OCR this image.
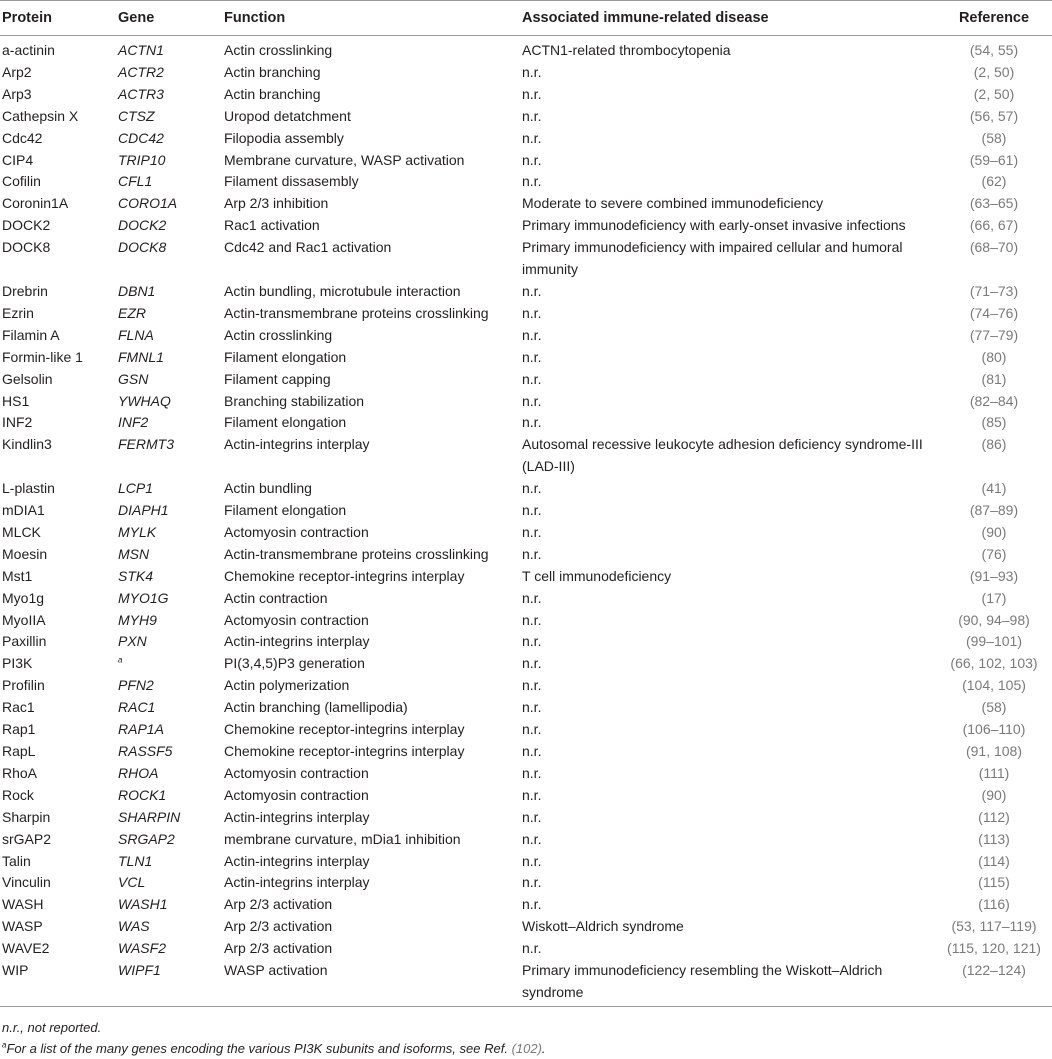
Protein	Gene	Function	Associated immune-related disease	Reference
a-actinin	ACTN1	Actin crosslinking	ACTN1-related thrombocytopenia	(54, 55)
Arp2	ACTR2	Actin branching	n.r.	(2, 50)
Arp3	ACTR3	Actin branching	n.r.	(2, 50)
Cathepsin X	CTSZ	Uropod detatchment	n.r.	(56, 57)
Cdc42	CDC42	Filopodia assembly	n.r.	(58)
CIP4	TRIP10	Membrane curvature, WASP activation	n.r.	(59–61)
Cofilin	CFL1	Filament dissasembly	n.r.	(62)
Coronin1A	CORO1A	Arp 2/3 inhibition	Moderate to severe combined immunodeficiency	(63–65)
DOCK2	DOCK2	Rac1 activation	Primary immunodeficiency with early-onset invasive infections	(66, 67)
DOCK8	DOCK8	Cdc42 and Rac1 activation	Primary immunodeficiency with impaired cellular and humoral immunity	(68–70)
Drebrin	DBN1	Actin bundling, microtubule interaction	n.r.	(71–73)
Ezrin	EZR	Actin-transmembrane proteins crosslinking	n.r.	(74–76)
Filamin A	FLNA	Actin crosslinking	n.r.	(77–79)
Formin-like 1	FMNL1	Filament elongation	n.r.	(80)
Gelsolin	GSN	Filament capping	n.r.	(81)
HS1	YWHAQ	Branching stabilization	n.r.	(82–84)
INF2	INF2	Filament elongation	n.r.	(85)
Kindlin3	FERMT3	Actin-integrins interplay	Autosomal recessive leukocyte adhesion deficiency syndrome-III (LAD-III)	(86)
L-plastin	LCP1	Actin bundling	n.r.	(41)
mDIA1	DIAPH1	Filament elongation	n.r.	(87–89)
MLCK	MYLK	Actomyosin contraction	n.r.	(90)
Moesin	MSN	Actin-transmembrane proteins crosslinking	n.r.	(76)
Mst1	STK4	Chemokine receptor-integrins interplay	T cell immunodeficiency	(91–93)
Myo1g	MYO1G	Actin contraction	n.r.	(17)
MyoIIA	MYH9	Actomyosin contraction	n.r.	(90, 94–98)
Paxillin	PXN	Actin-integrins interplay	n.r.	(99–101)
PI3K	$^a$	PI(3,4,5)P3 generation	n.r.	(66, 102, 103)
Profilin	PFN2	Actin polymerization	n.r.	(104, 105)
Rac1	RAC1	Actin branching (lamellipodia)	n.r.	(58)
Rap1	RAP1A	Chemokine receptor-integrins interplay	n.r.	(106–110)
RapL	RASSF5	Chemokine receptor-integrins interplay	n.r.	(91, 108)
RhoA	RHOA	Actomyosin contraction	n.r.	(111)
Rock	ROCK1	Actomyosin contraction	n.r.	(90)
Sharpin	SHARPIN	Actin-integrins interplay	n.r.	(112)
srGAP2	SRGAP2	membrane curvature, mDia1 inhibition	n.r.	(113)
Talin	TLN1	Actin-integrins interplay	n.r.	(114)
Vinculin	VCL	Actin-integrins interplay	n.r.	(115)
WASH	WASH1	Arp 2/3 activation	n.r.	(116)
WASP	WAS	Arp 2/3 activation	Wiskott–Aldrich syndrome	(53, 117–119)
WAVE2	WASF2	Arp 2/3 activation	n.r.	(115, 120, 121)
WIP	WIPF1	WASP activation	Primary immunodeficiency resembling the Wiskott–Aldrich syndrome	(122–124)
n.r., not reported.
$^a$For a list of the many genes encoding the various PI3K subunits and isoforms, see Ref. (102).
